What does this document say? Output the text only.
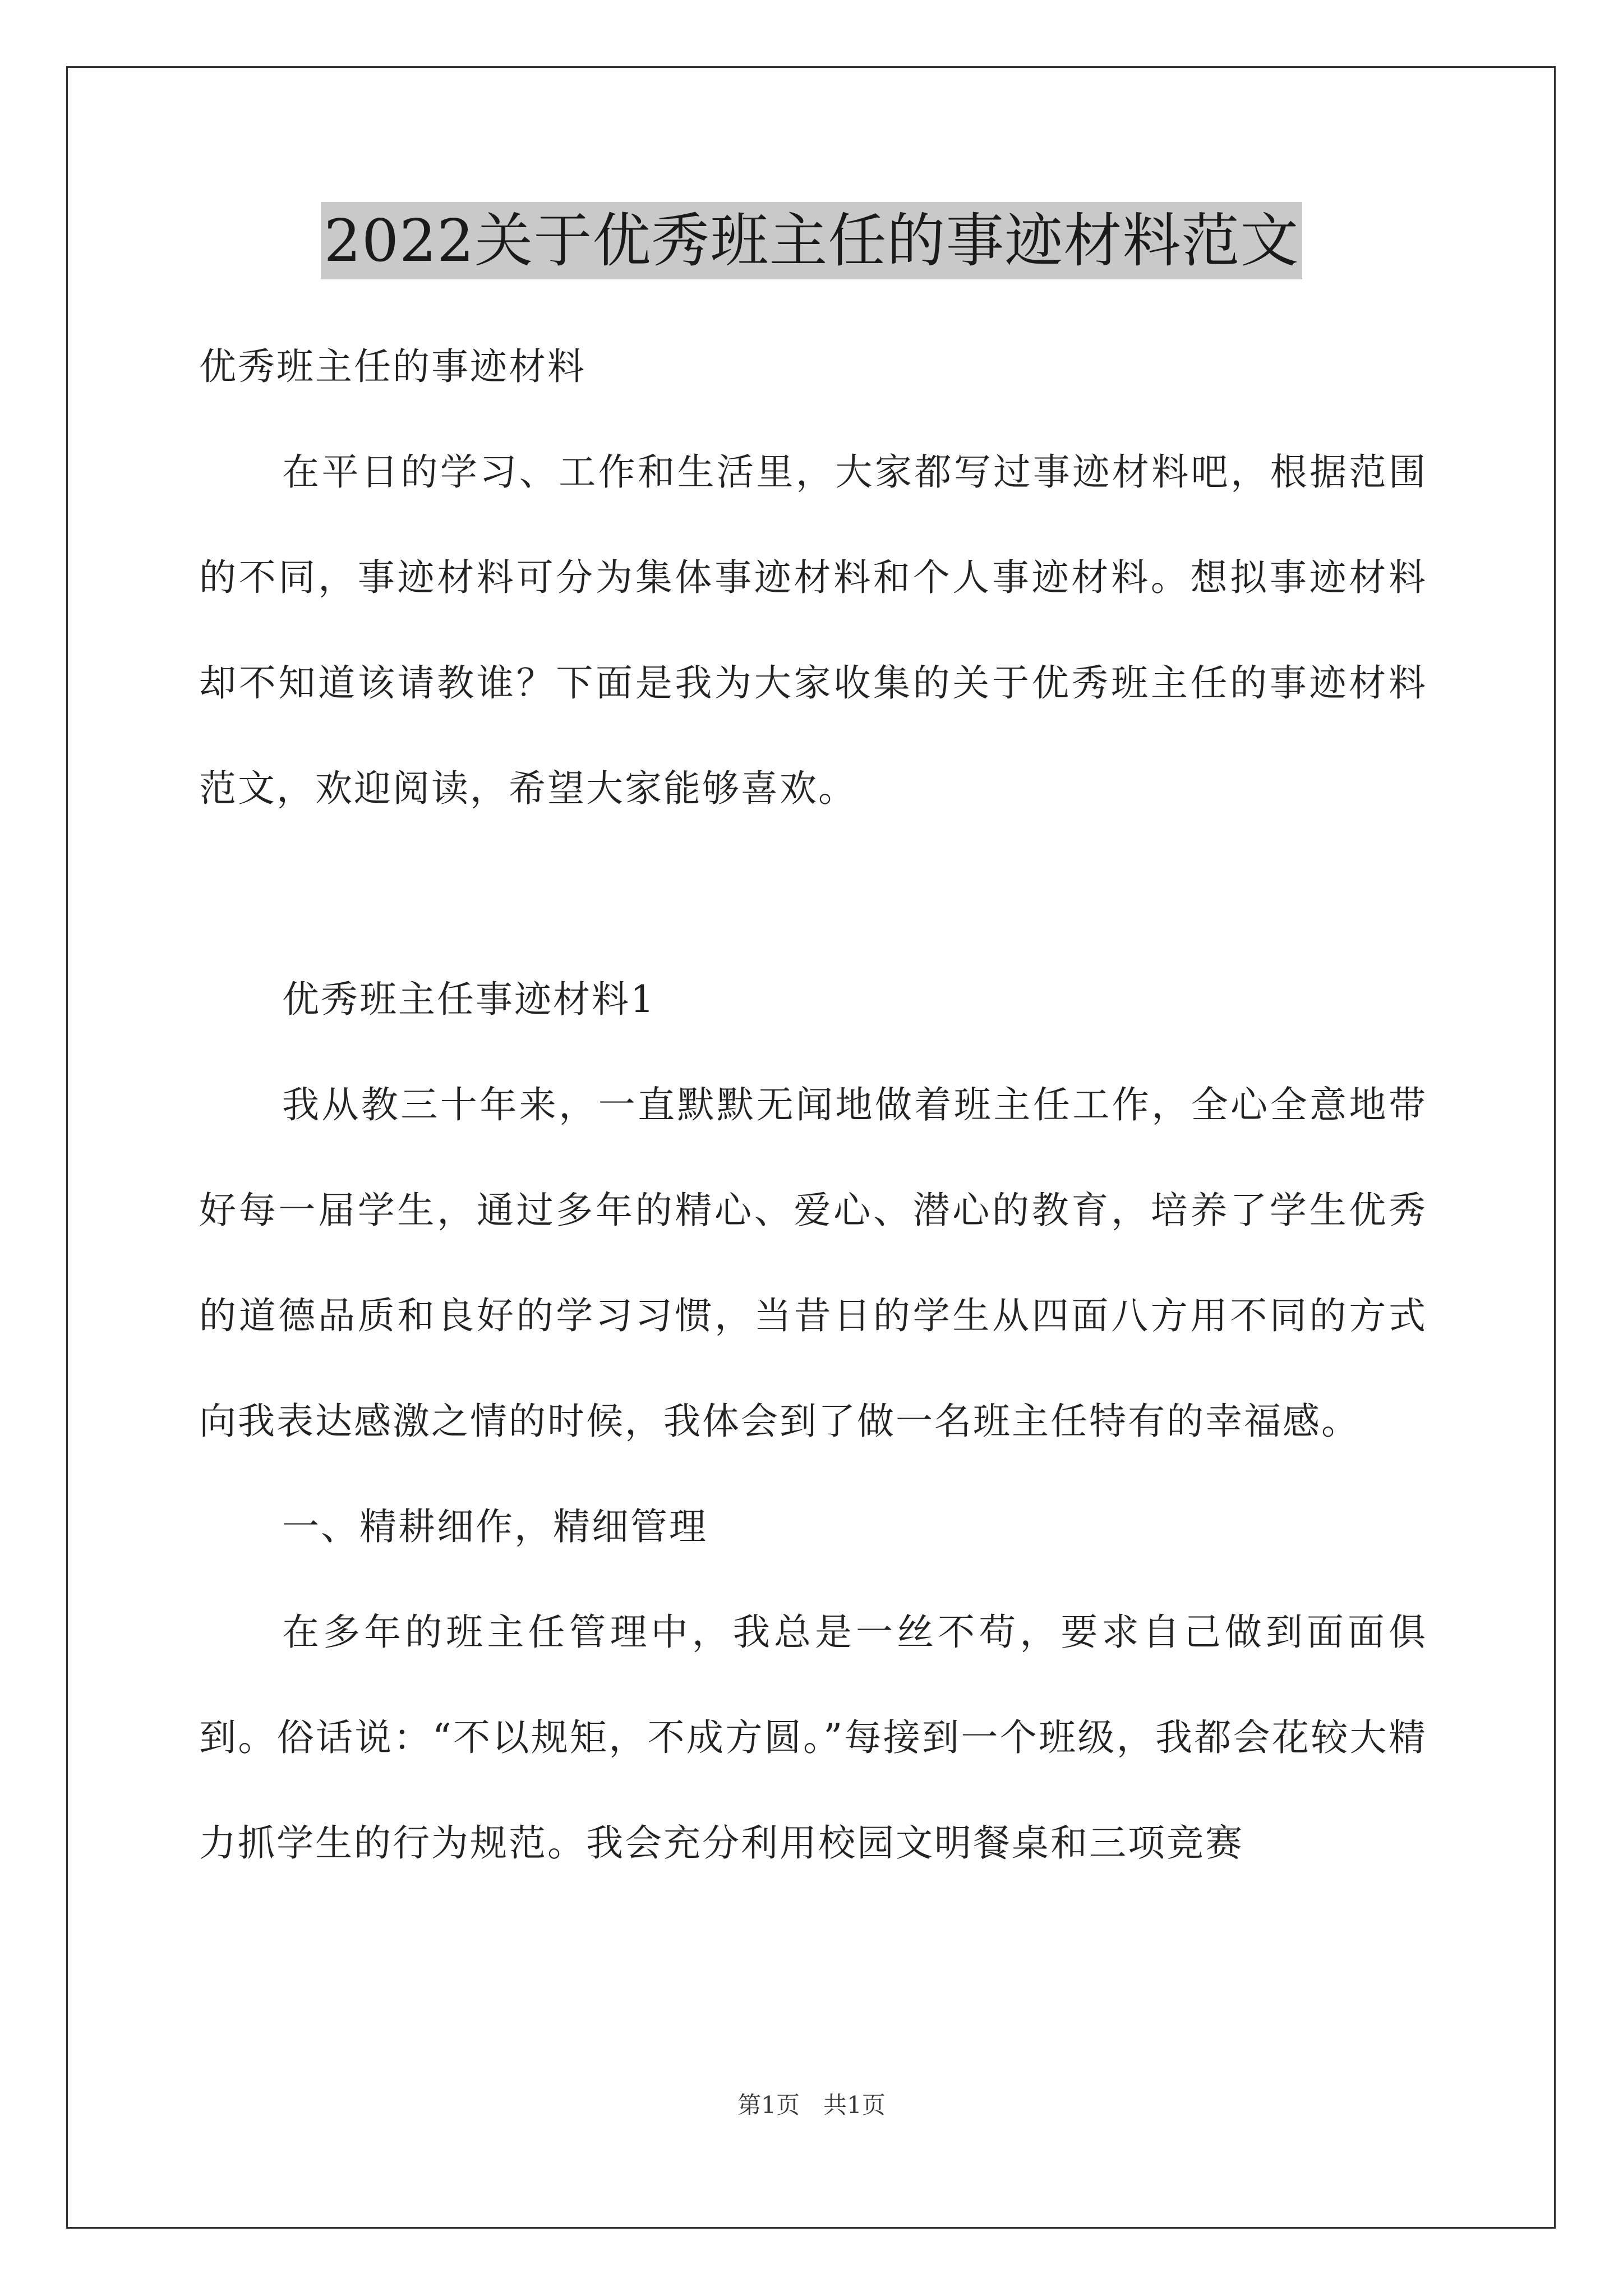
2022关于优秀班主任的事迹材料范文

优秀班主任的事迹材料

在平日的学习、工作和生活里，大家都写过事迹材料吧，根据范围的不同，事迹材料可分为集体事迹材料和个人事迹材料。想拟事迹材料却不知道该请教谁？下面是我为大家收集的关于优秀班主任的事迹材料范文，欢迎阅读，希望大家能够喜欢。

优秀班主任事迹材料1

我从教三十年来，一直默默无闻地做着班主任工作，全心全意地带好每一届学生，通过多年的精心、爱心、潜心的教育，培养了学生优秀的道德品质和良好的学习习惯，当昔日的学生从四面八方用不同的方式向我表达感激之情的时候，我体会到了做一名班主任特有的幸福感。

一、精耕细作，精细管理

在多年的班主任管理中，我总是一丝不苟，要求自己做到面面俱到。俗话说：“不以规矩，不成方圆。”每接到一个班级，我都会花较大精力抓学生的行为规范。我会充分利用校园文明餐桌和三项竞赛

第1页　共1页
